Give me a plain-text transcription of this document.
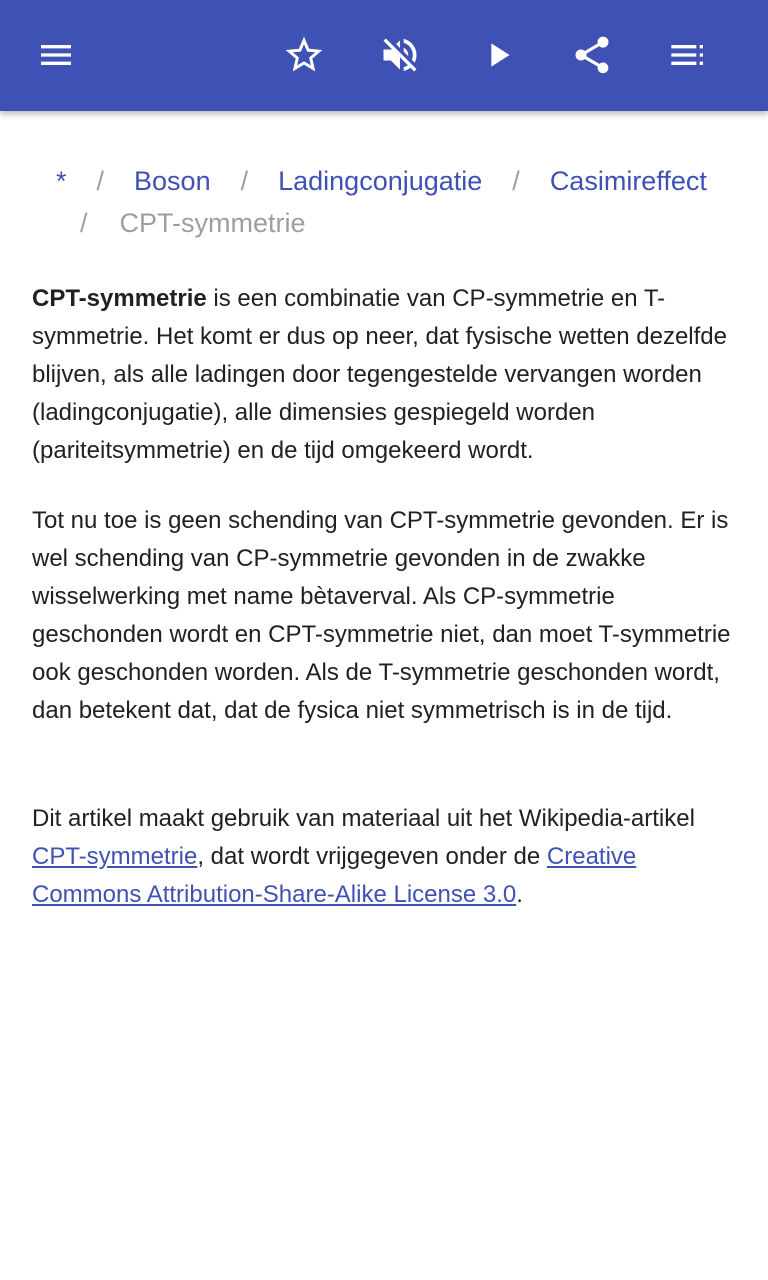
* / Boson / Ladingconjugatie / Casimireffect
/ CPT-symmetrie

CPT-symmetrie is een combinatie van CP-symmetrie en T-symmetrie. Het komt er dus op neer, dat fysische wetten dezelfde blijven, als alle ladingen door tegengestelde vervangen worden (ladingconjugatie), alle dimensies gespiegeld worden (pariteitsymmetrie) en de tijd omgekeerd wordt.

Tot nu toe is geen schending van CPT-symmetrie gevonden. Er is wel schending van CP-symmetrie gevonden in de zwakke wisselwerking met name bètaverval. Als CP-symmetrie geschonden wordt en CPT-symmetrie niet, dan moet T-symmetrie ook geschonden worden. Als de T-symmetrie geschonden wordt, dan betekent dat, dat de fysica niet symmetrisch is in de tijd.

Dit artikel maakt gebruik van materiaal uit het Wikipedia-artikel CPT-symmetrie, dat wordt vrijgegeven onder de Creative Commons Attribution-Share-Alike License 3.0.
